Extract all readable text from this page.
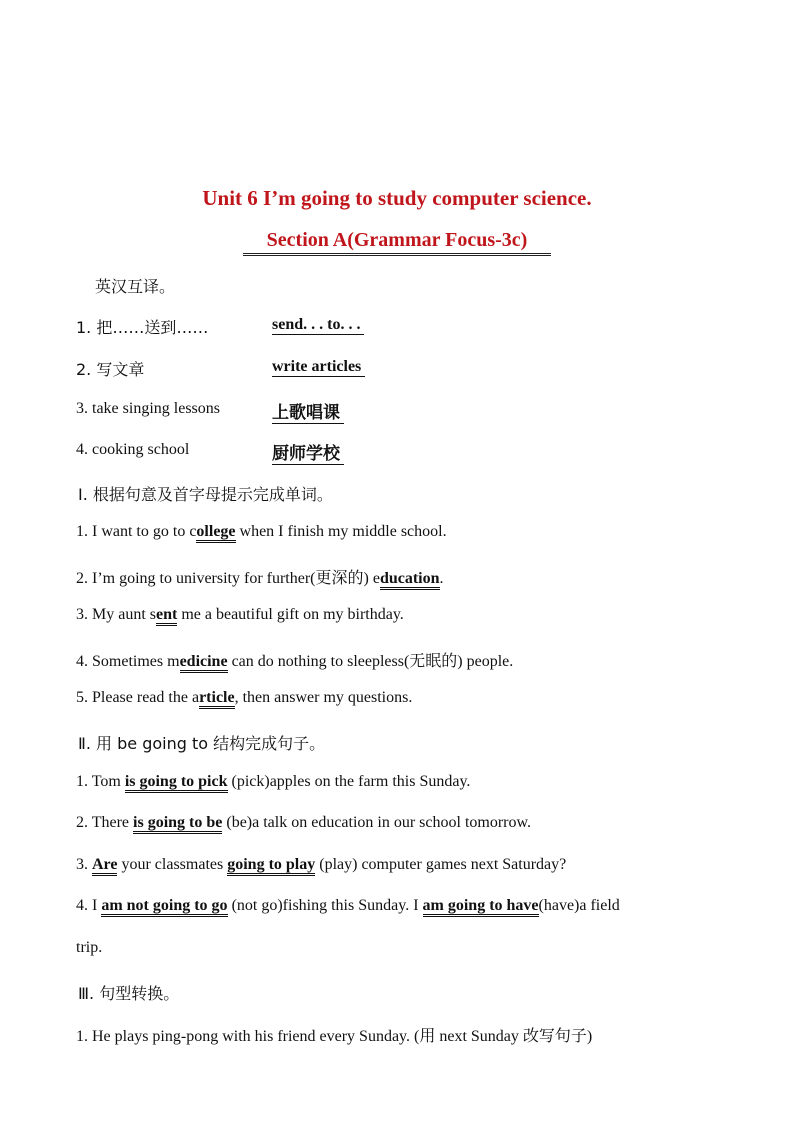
Unit 6 I’m going to study computer science.
Section A(Grammar Focus-3c)
英汉互译。
1. 把……送到……	send. . . to. . .
2. 写文章	write articles
3. take singing lessons	上歌唱课
4. cooking school	厨师学校
Ⅰ. 根据句意及首字母提示完成单词。
1. I want to go to college when I finish my middle school.
2. I’m going to university for further(更深的) education.
3. My aunt sent me a beautiful gift on my birthday.
4. Sometimes medicine can do nothing to sleepless(无眠的) people.
5. Please read the article, then answer my questions.
Ⅱ. 用 be going to 结构完成句子。
1. Tom is going to pick (pick)apples on the farm this Sunday.
2. There is going to be (be)a talk on education in our school tomorrow.
3. Are your classmates going to play (play) computer games next Saturday?
4. I am not going to go (not go)fishing this Sunday. I am going to have(have)a field
trip.
Ⅲ. 句型转换。
1. He plays ping-pong with his friend every Sunday. (用 next Sunday 改写句子)
